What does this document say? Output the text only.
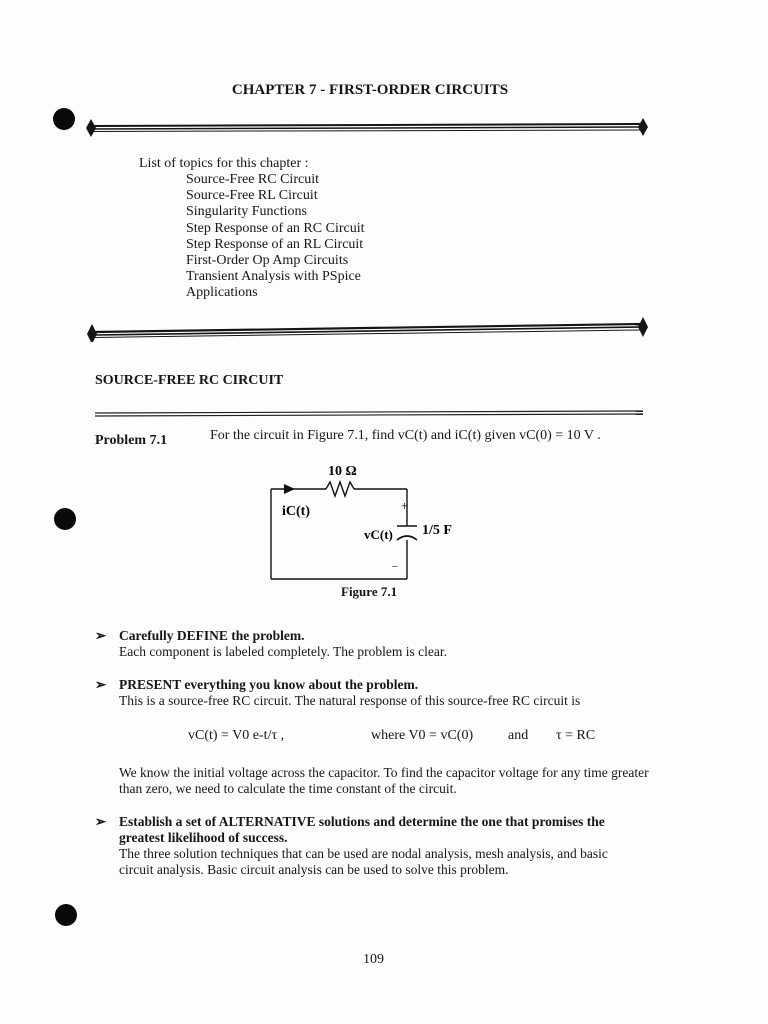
CHAPTER 7 - FIRST-ORDER CIRCUITS
List of topics for this chapter :
Source-Free RC Circuit
Source-Free RL Circuit
Singularity Functions
Step Response of an RC Circuit
Step Response of an RL Circuit
First-Order Op Amp Circuits
Transient Analysis with PSpice
Applications
SOURCE-FREE RC CIRCUIT
Problem 7.1	For the circuit in Figure 7.1, find vC(t) and iC(t) given vC(0) = 10 V .
10 Ω
iC(t)	+
vC(t) 1/5 F
–
Figure 7.1
➢ Carefully DEFINE the problem.
Each component is labeled completely. The problem is clear.
➢ PRESENT everything you know about the problem.
This is a source-free RC circuit. The natural response of this source-free RC circuit is
vC(t) = V0 e-t/τ ,	where V0 = vC(0) and τ = RC
We know the initial voltage across the capacitor. To find the capacitor voltage for any time greater than zero, we need to calculate the time constant of the circuit.
➢ Establish a set of ALTERNATIVE solutions and determine the one that promises the greatest likelihood of success.
The three solution techniques that can be used are nodal analysis, mesh analysis, and basic circuit analysis. Basic circuit analysis can be used to solve this problem.
109
